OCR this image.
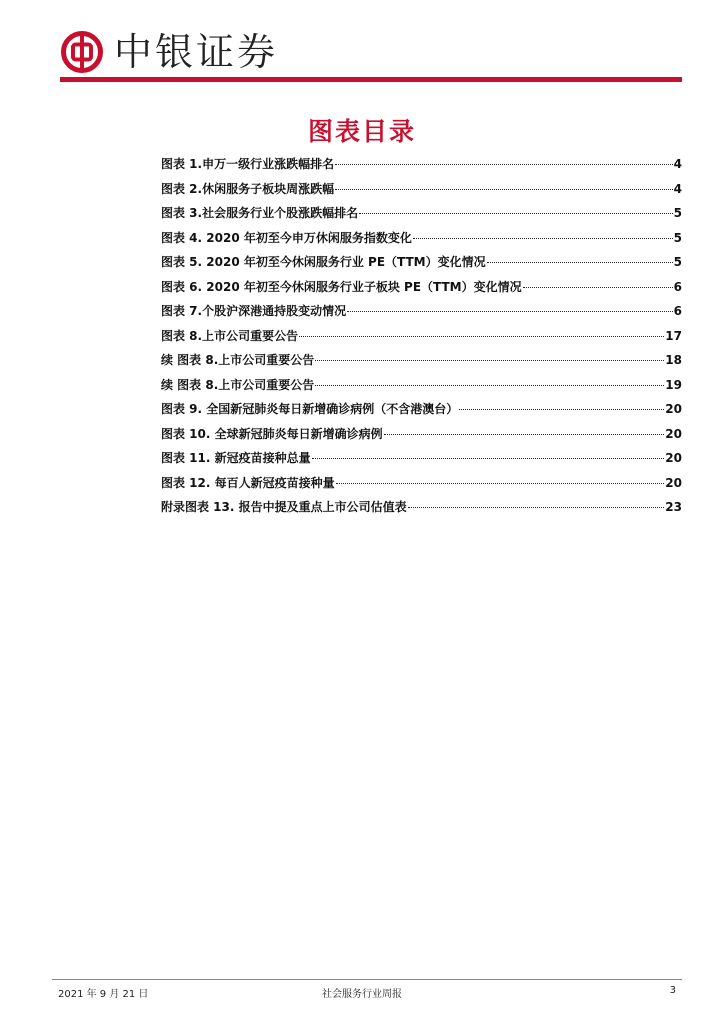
中银证券
图表目录
图表 1.申万一级行业涨跌幅排名	4
图表 2.休闲服务子板块周涨跌幅	4
图表 3.社会服务行业个股涨跌幅排名	5
图表 4. 2020 年初至今申万休闲服务指数变化	5
图表 5. 2020 年初至今休闲服务行业 PE（TTM）变化情况	5
图表 6. 2020 年初至今休闲服务行业子板块 PE（TTM）变化情况	6
图表 7.个股沪深港通持股变动情况	6
图表 8.上市公司重要公告	17
续 图表 8.上市公司重要公告	18
续 图表 8.上市公司重要公告	19
图表 9. 全国新冠肺炎每日新增确诊病例（不含港澳台）	20
图表 10. 全球新冠肺炎每日新增确诊病例	20
图表 11. 新冠疫苗接种总量	20
图表 12. 每百人新冠疫苗接种量	20
附录图表 13. 报告中提及重点上市公司估值表	23
2021 年 9 月 21 日	社会服务行业周报	3
